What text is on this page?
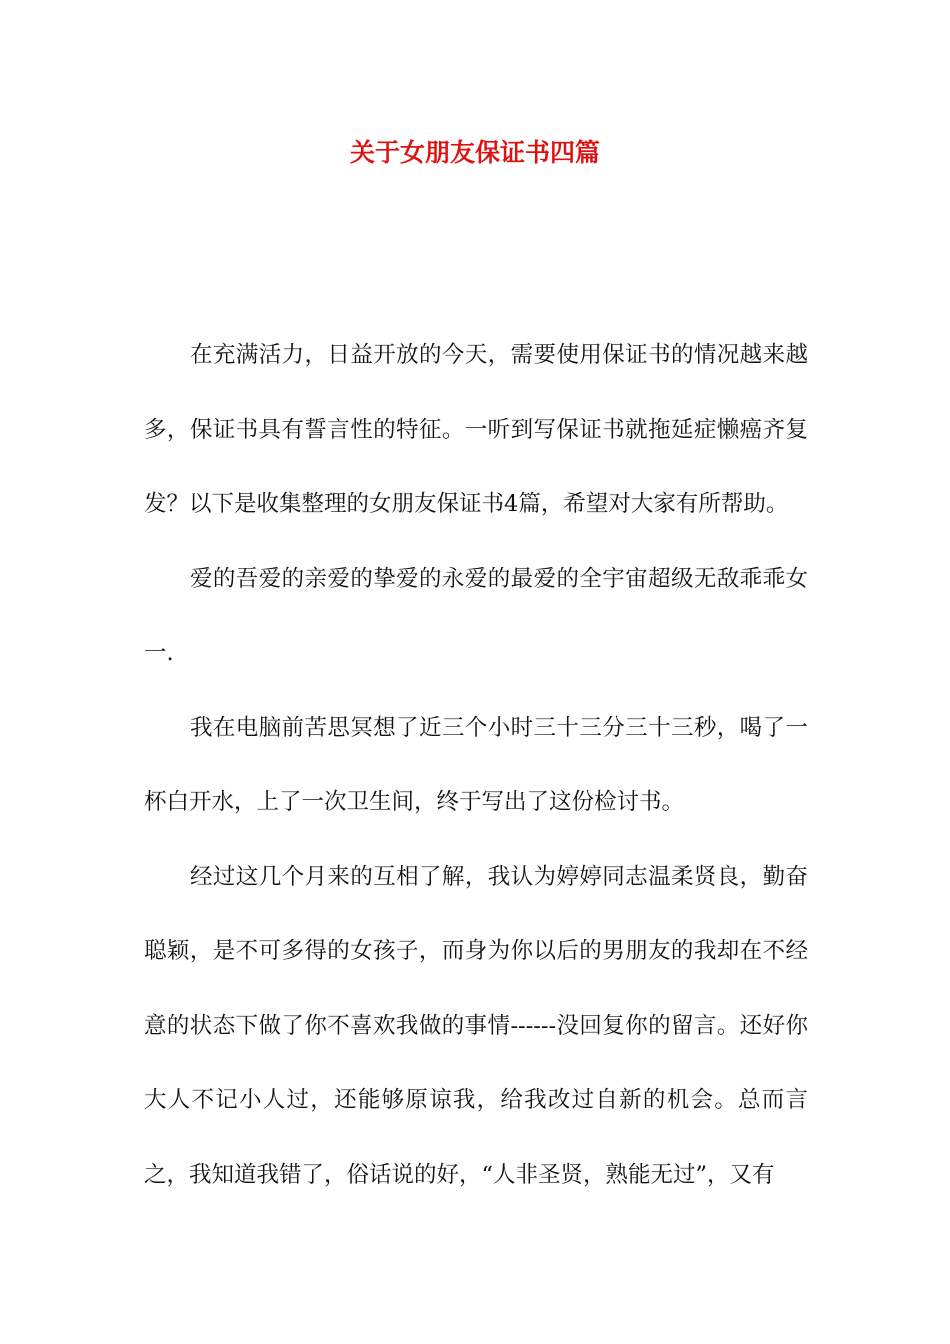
关于女朋友保证书四篇

在充满活力，日益开放的今天，需要使用保证书的情况越来越多，保证书具有誓言性的特征。一听到写保证书就拖延症懒癌齐复发？以下是收集整理的女朋友保证书4篇，希望对大家有所帮助。

爱的吾爱的亲爱的挚爱的永爱的最爱的全宇宙超级无敌乖乖女一.

我在电脑前苦思冥想了近三个小时三十三分三十三秒，喝了一杯白开水，上了一次卫生间，终于写出了这份检讨书。

经过这几个月来的互相了解，我认为婷婷同志温柔贤良，勤奋聪颖，是不可多得的女孩子，而身为你以后的男朋友的我却在不经意的状态下做了你不喜欢我做的事情------没回复你的留言。还好你大人不记小人过，还能够原谅我，给我改过自新的机会。总而言之，我知道我错了，俗话说的好，“人非圣贤，熟能无过”，又有
